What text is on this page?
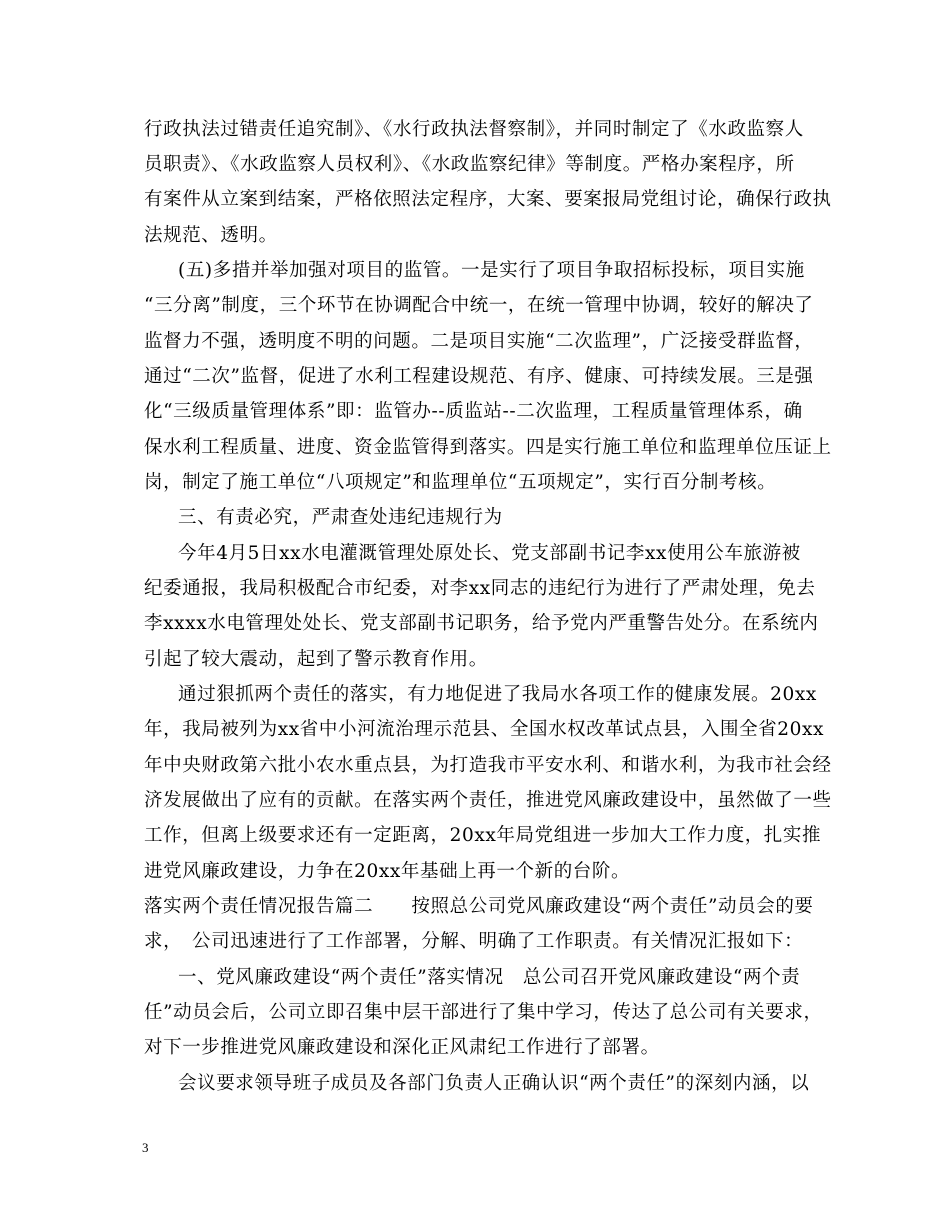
行政执法过错责任追究制》、《水行政执法督察制》，并同时制定了《水政监察人
员职责》、《水政监察人员权利》、《水政监察纪律》等制度。严格办案程序，所
有案件从立案到结案，严格依照法定程序，大案、要案报局党组讨论，确保行政执
法规范、透明。
(五)多措并举加强对项目的监管。一是实行了项目争取招标投标，项目实施
“三分离”制度，三个环节在协调配合中统一，在统一管理中协调，较好的解决了
监督力不强，透明度不明的问题。二是项目实施“二次监理”，广泛接受群监督，
通过“二次”监督，促进了水利工程建设规范、有序、健康、可持续发展。三是强
化“三级质量管理体系”即：监管办--质监站--二次监理，工程质量管理体系，确
保水利工程质量、进度、资金监管得到落实。四是实行施工单位和监理单位压证上
岗，制定了施工单位“八项规定”和监理单位“五项规定”，实行百分制考核。
三、有责必究，严肃查处违纪违规行为
今年4月5日xx水电灌溉管理处原处长、党支部副书记李xx使用公车旅游被
纪委通报，我局积极配合市纪委，对李xx同志的违纪行为进行了严肃处理，免去
李xxxx水电管理处处长、党支部副书记职务，给予党内严重警告处分。在系统内
引起了较大震动，起到了警示教育作用。
通过狠抓两个责任的落实，有力地促进了我局水各项工作的健康发展。20xx
年，我局被列为xx省中小河流治理示范县、全国水权改革试点县，入围全省20xx
年中央财政第六批小农水重点县，为打造我市平安水利、和谐水利，为我市社会经
济发展做出了应有的贡献。在落实两个责任，推进党风廉政建设中，虽然做了一些
工作，但离上级要求还有一定距离，20xx年局党组进一步加大工作力度，扎实推
进党风廉政建设，力争在20xx年基础上再一个新的台阶。
落实两个责任情况报告篇二　　按照总公司党风廉政建设“两个责任”动员会的要
求，　公司迅速进行了工作部署，分解、明确了工作职责。有关情况汇报如下：
一、党风廉政建设“两个责任”落实情况　总公司召开党风廉政建设“两个责
任”动员会后，公司立即召集中层干部进行了集中学习，传达了总公司有关要求，
对下一步推进党风廉政建设和深化正风肃纪工作进行了部署。
会议要求领导班子成员及各部门负责人正确认识“两个责任”的深刻内涵，以
3
